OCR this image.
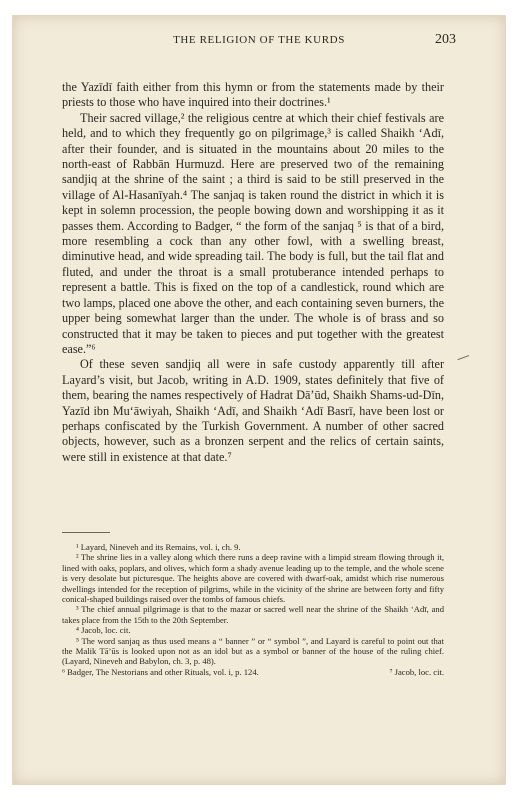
THE RELIGION OF THE KURDS	203

the Yazīdī faith either from this hymn or from the statements made by their priests to those who have inquired into their doctrines.¹

Their sacred village,² the religious centre at which their chief festivals are held, and to which they frequently go on pilgrimage,³ is called Shaikh ‘Adī, after their founder, and is situated in the mountains about 20 miles to the north-east of Rabbān Hurmuzd. Here are preserved two of the remaining sandjiq at the shrine of the saint ; a third is said to be still preserved in the village of Al-Hasanīyah.⁴ The sanjaq is taken round the district in which it is kept in solemn procession, the people bowing down and worshipping it as it passes them. According to Badger, “ the form of the sanjaq ⁵ is that of a bird, more resembling a cock than any other fowl, with a swelling breast, diminutive head, and wide spreading tail. The body is full, but the tail flat and fluted, and under the throat is a small protuberance intended perhaps to represent a battle. This is fixed on the top of a candlestick, round which are two lamps, placed one above the other, and each containing seven burners, the upper being somewhat larger than the under. The whole is of brass and so constructed that it may be taken to pieces and put together with the greatest ease.”⁶

Of these seven sandjiq all were in safe custody apparently till after Layard’s visit, but Jacob, writing in A.D. 1909, states definitely that five of them, bearing the names respectively of Hadrat Dā’ūd, Shaikh Shams-ud-Dīn, Yazīd ibn Mu‘āwiyah, Shaikh ‘Adī, and Shaikh ‘Adī Basrī, have been lost or perhaps confiscated by the Turkish Government. A number of other sacred objects, however, such as a bronzen serpent and the relics of certain saints, were still in existence at that date.⁷

¹ Layard, Nineveh and its Remains, vol. i, ch. 9.

² The shrine lies in a valley along which there runs a deep ravine with a limpid stream flowing through it, lined with oaks, poplars, and olives, which form a shady avenue leading up to the temple, and the whole scene is very desolate but picturesque. The heights above are covered with dwarf-oak, amidst which rise numerous dwellings intended for the reception of pilgrims, while in the vicinity of the shrine are between forty and fifty conical-shaped buildings raised over the tombs of famous chiefs.

³ The chief annual pilgrimage is that to the mazar or sacred well near the shrine of the Shaikh ‘Adī, and takes place from the 15th to the 20th September.

⁴ Jacob, loc. cit.

⁵ The word sanjaq as thus used means a “ banner ” or “ symbol ”, and Layard is careful to point out that the Malik Tā’ūs is looked upon not as an idol but as a symbol or banner of the house of the ruling chief. (Layard, Nineveh and Babylon, ch. 3, p. 48).

⁶ Badger, The Nestorians and other Rituals, vol. i, p. 124.	⁷ Jacob, loc. cit.
